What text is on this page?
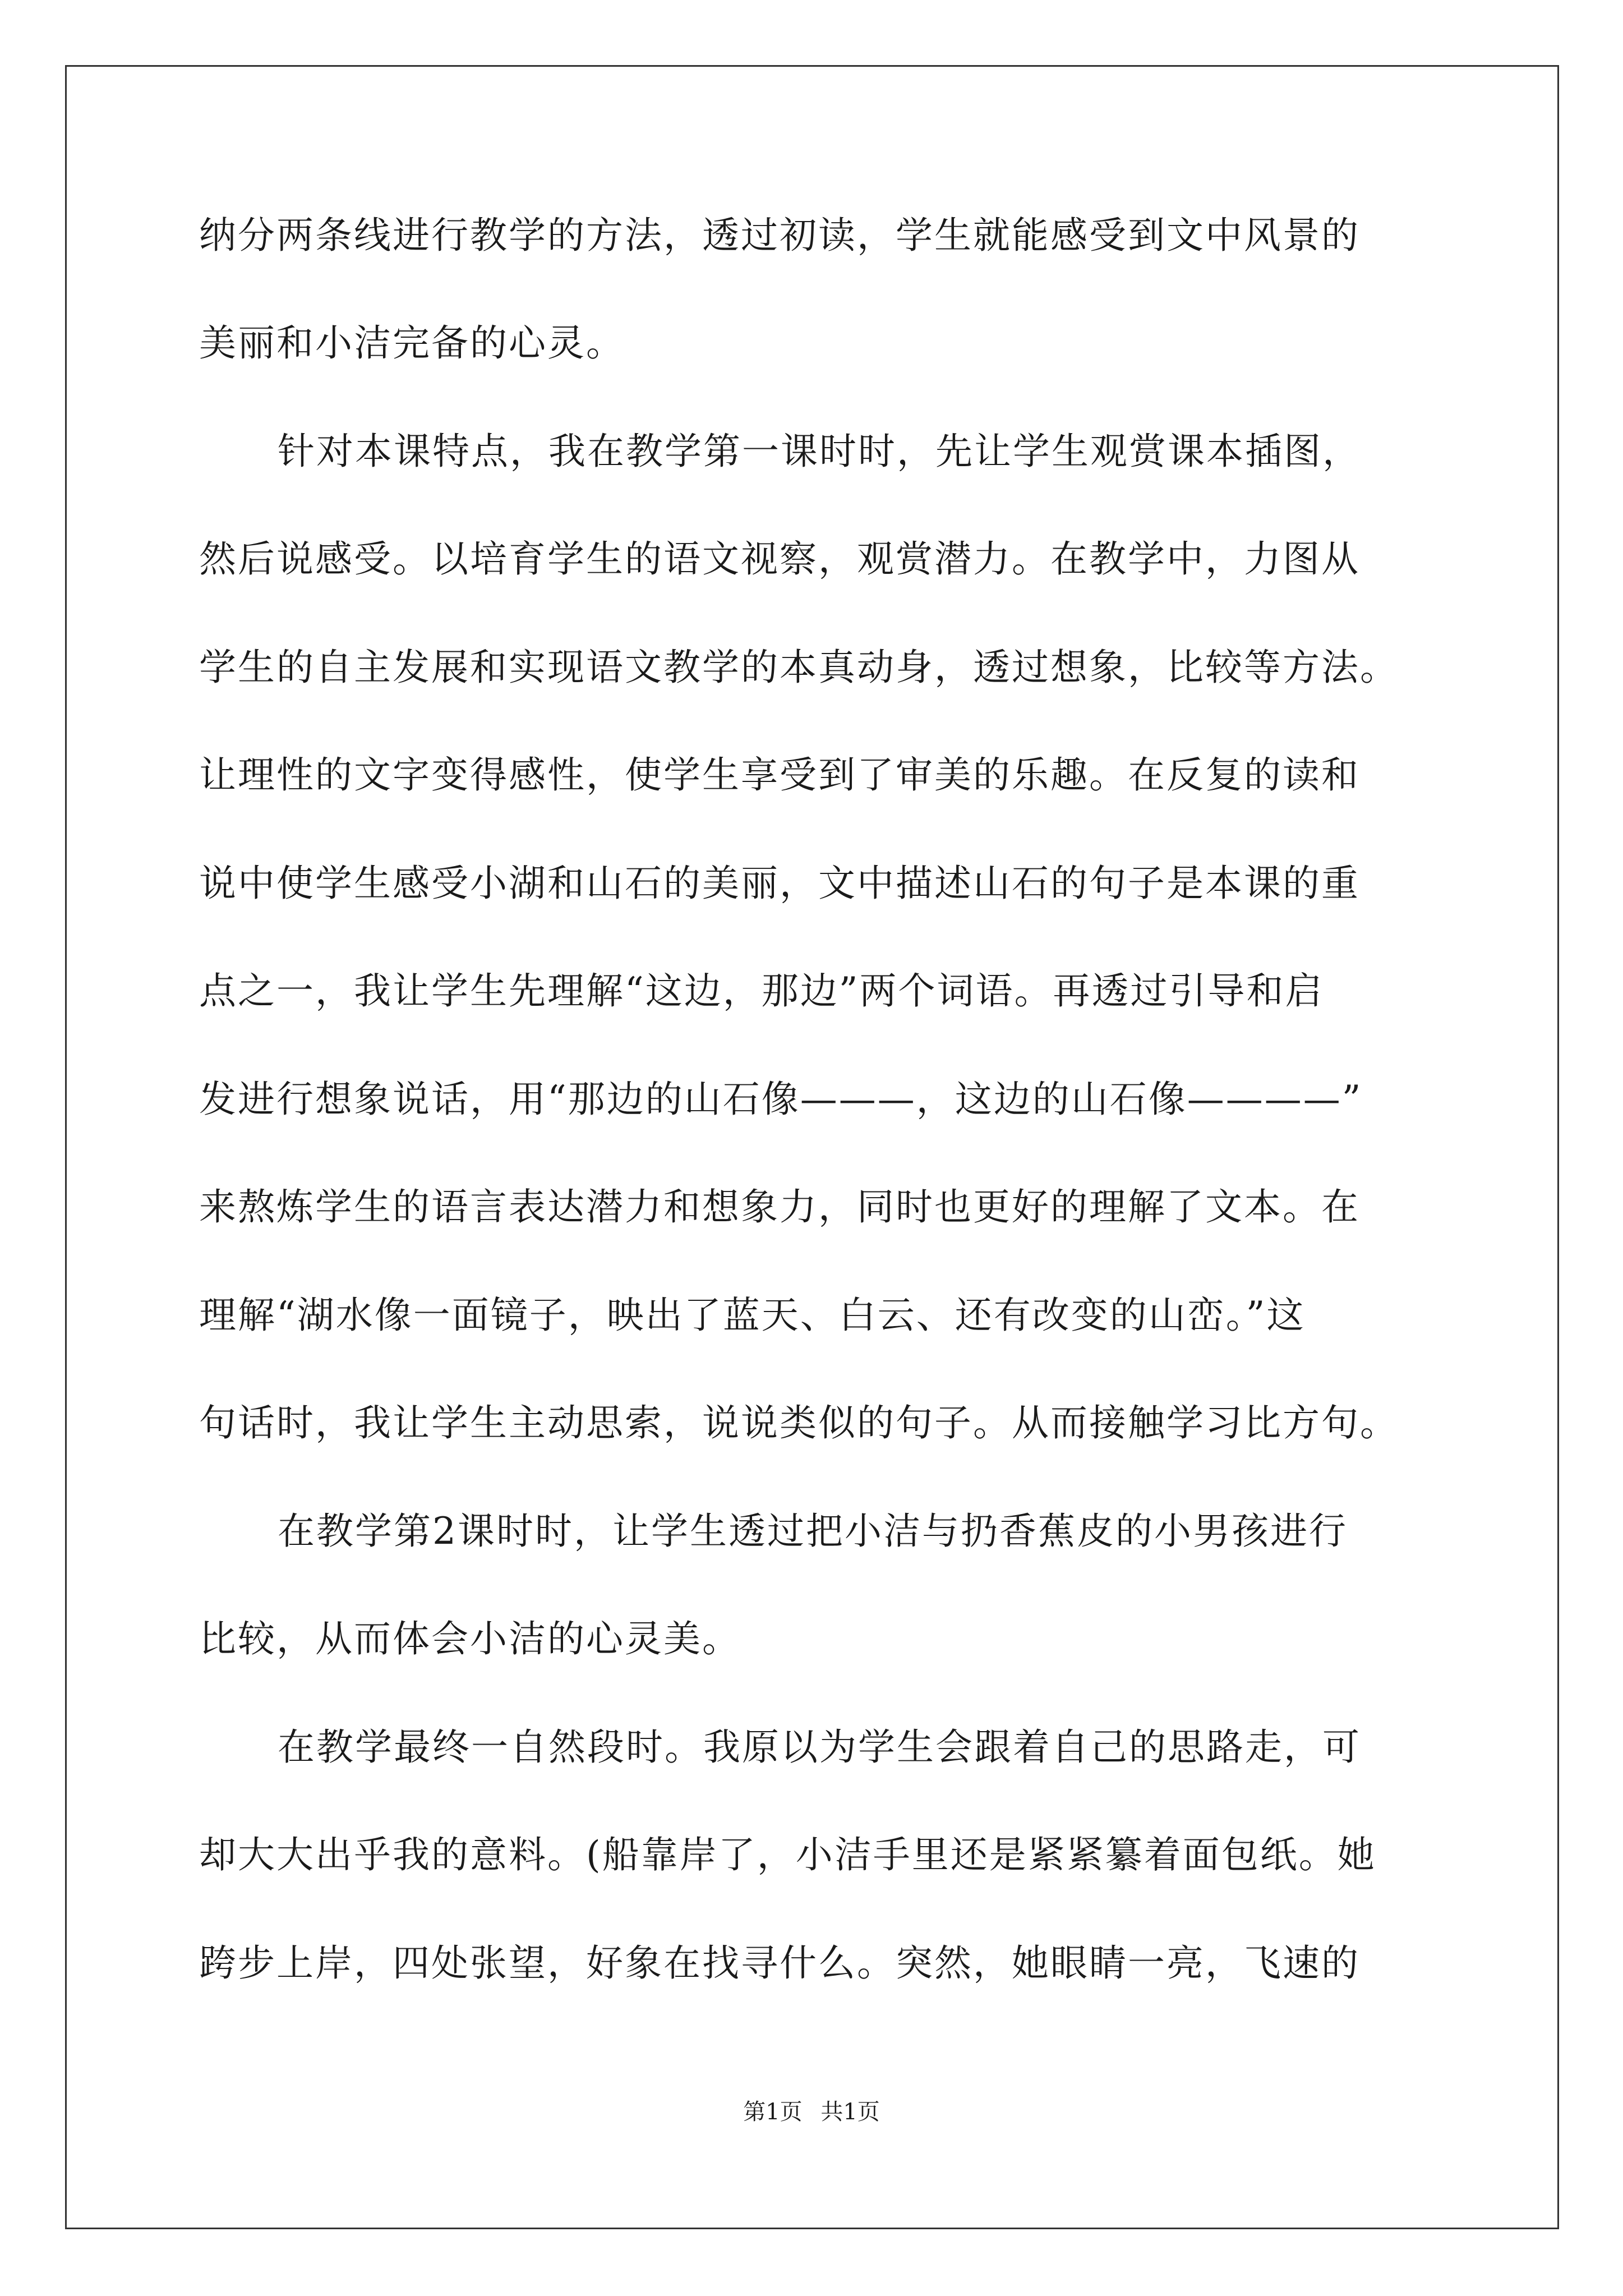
纳分两条线进行教学的方法，透过初读，学生就能感受到文中风景的
美丽和小洁完备的心灵。
针对本课特点，我在教学第一课时时，先让学生观赏课本插图，
然后说感受。以培育学生的语文视察，观赏潜力。在教学中，力图从
学生的自主发展和实现语文教学的本真动身，透过想象，比较等方法。
让理性的文字变得感性，使学生享受到了审美的乐趣。在反复的读和
说中使学生感受小湖和山石的美丽，文中描述山石的句子是本课的重
点之一，我让学生先理解“这边，那边”两个词语。再透过引导和启
发进行想象说话，用“那边的山石像———，这边的山石像————”
来熬炼学生的语言表达潜力和想象力，同时也更好的理解了文本。在
理解“湖水像一面镜子，映出了蓝天、白云、还有改变的山峦。”这
句话时，我让学生主动思索，说说类似的句子。从而接触学习比方句。
在教学第2课时时，让学生透过把小洁与扔香蕉皮的小男孩进行
比较，从而体会小洁的心灵美。
在教学最终一自然段时。我原以为学生会跟着自己的思路走，可
却大大出乎我的意料。(船靠岸了，小洁手里还是紧紧纂着面包纸。她
跨步上岸，四处张望，好象在找寻什么。突然，她眼睛一亮，飞速的
第1页 共1页
